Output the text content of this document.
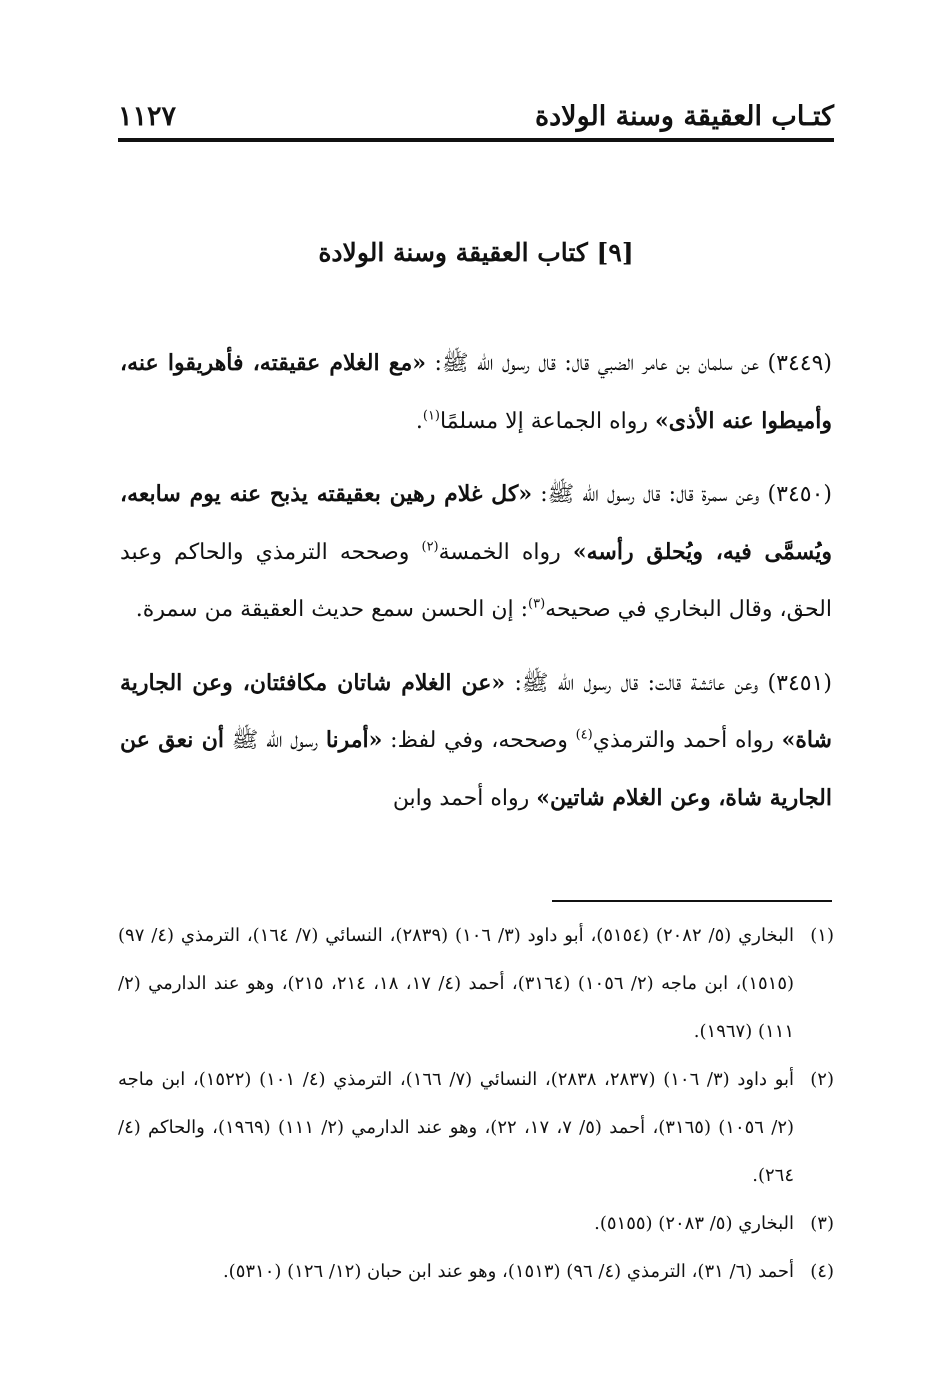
كتـاب العقيقة وسنة الولادة
١١٢٧
[٩] كتاب العقيقة وسنة الولادة

(٣٤٤٩) عن سلمان بن عامر الضبي قال: قال رسول الله ﷺ: «مع الغلام عقيقته، فأهريقوا عنه، وأميطوا عنه الأذى» رواه الجماعة إلا مسلمًا$^{(١)}$.

(٣٤٥٠) وعن سمرة قال: قال رسول الله ﷺ: «كل غلام رهين بعقيقته يذبح عنه يوم سابعه، ويُسمَّى فيه، ويُحلق رأسه» رواه الخمسة$^{(٢)}$ وصححه الترمذي والحاكم وعبد الحق، وقال البخاري في صحيحه$^{(٣)}$: إن الحسن سمع حديث العقيقة من سمرة.

(٣٤٥١) وعن عائشة قالت: قال رسول الله ﷺ: «عن الغلام شاتان مكافئتان، وعن الجارية شاة» رواه أحمد والترمذي$^{(٤)}$ وصححه، وفي لفظ: «أمرنا رسول الله ﷺ أن نعق عن الجارية شاة، وعن الغلام شاتين» رواه أحمد وابن

(١)
البخاري (٥/ ٢٠٨٢) (٥١٥٤)، أبو داود (٣/ ١٠٦) (٢٨٣٩)، النسائي (٧/ ١٦٤)، الترمذي (٤/ ٩٧) (١٥١٥)، ابن ماجه (٢/ ١٠٥٦) (٣١٦٤)، أحمد (٤/ ١٧، ١٨، ٢١٤، ٢١٥)، وهو عند الدارمي (٢/ ١١١) (١٩٦٧).
(٢)
أبو داود (٣/ ١٠٦) (٢٨٣٧، ٢٨٣٨)، النسائي (٧/ ١٦٦)، الترمذي (٤/ ١٠١) (١٥٢٢)، ابن ماجه (٢/ ١٠٥٦) (٣١٦٥)، أحمد (٥/ ٧، ١٧، ٢٢)، وهو عند الدارمي (٢/ ١١١) (١٩٦٩)، والحاكم (٤/ ٢٦٤).
(٣)
البخاري (٥/ ٢٠٨٣) (٥١٥٥).
(٤)
أحمد (٦/ ٣١)، الترمذي (٤/ ٩٦) (١٥١٣)، وهو عند ابن حبان (١٢/ ١٢٦) (٥٣١٠).
